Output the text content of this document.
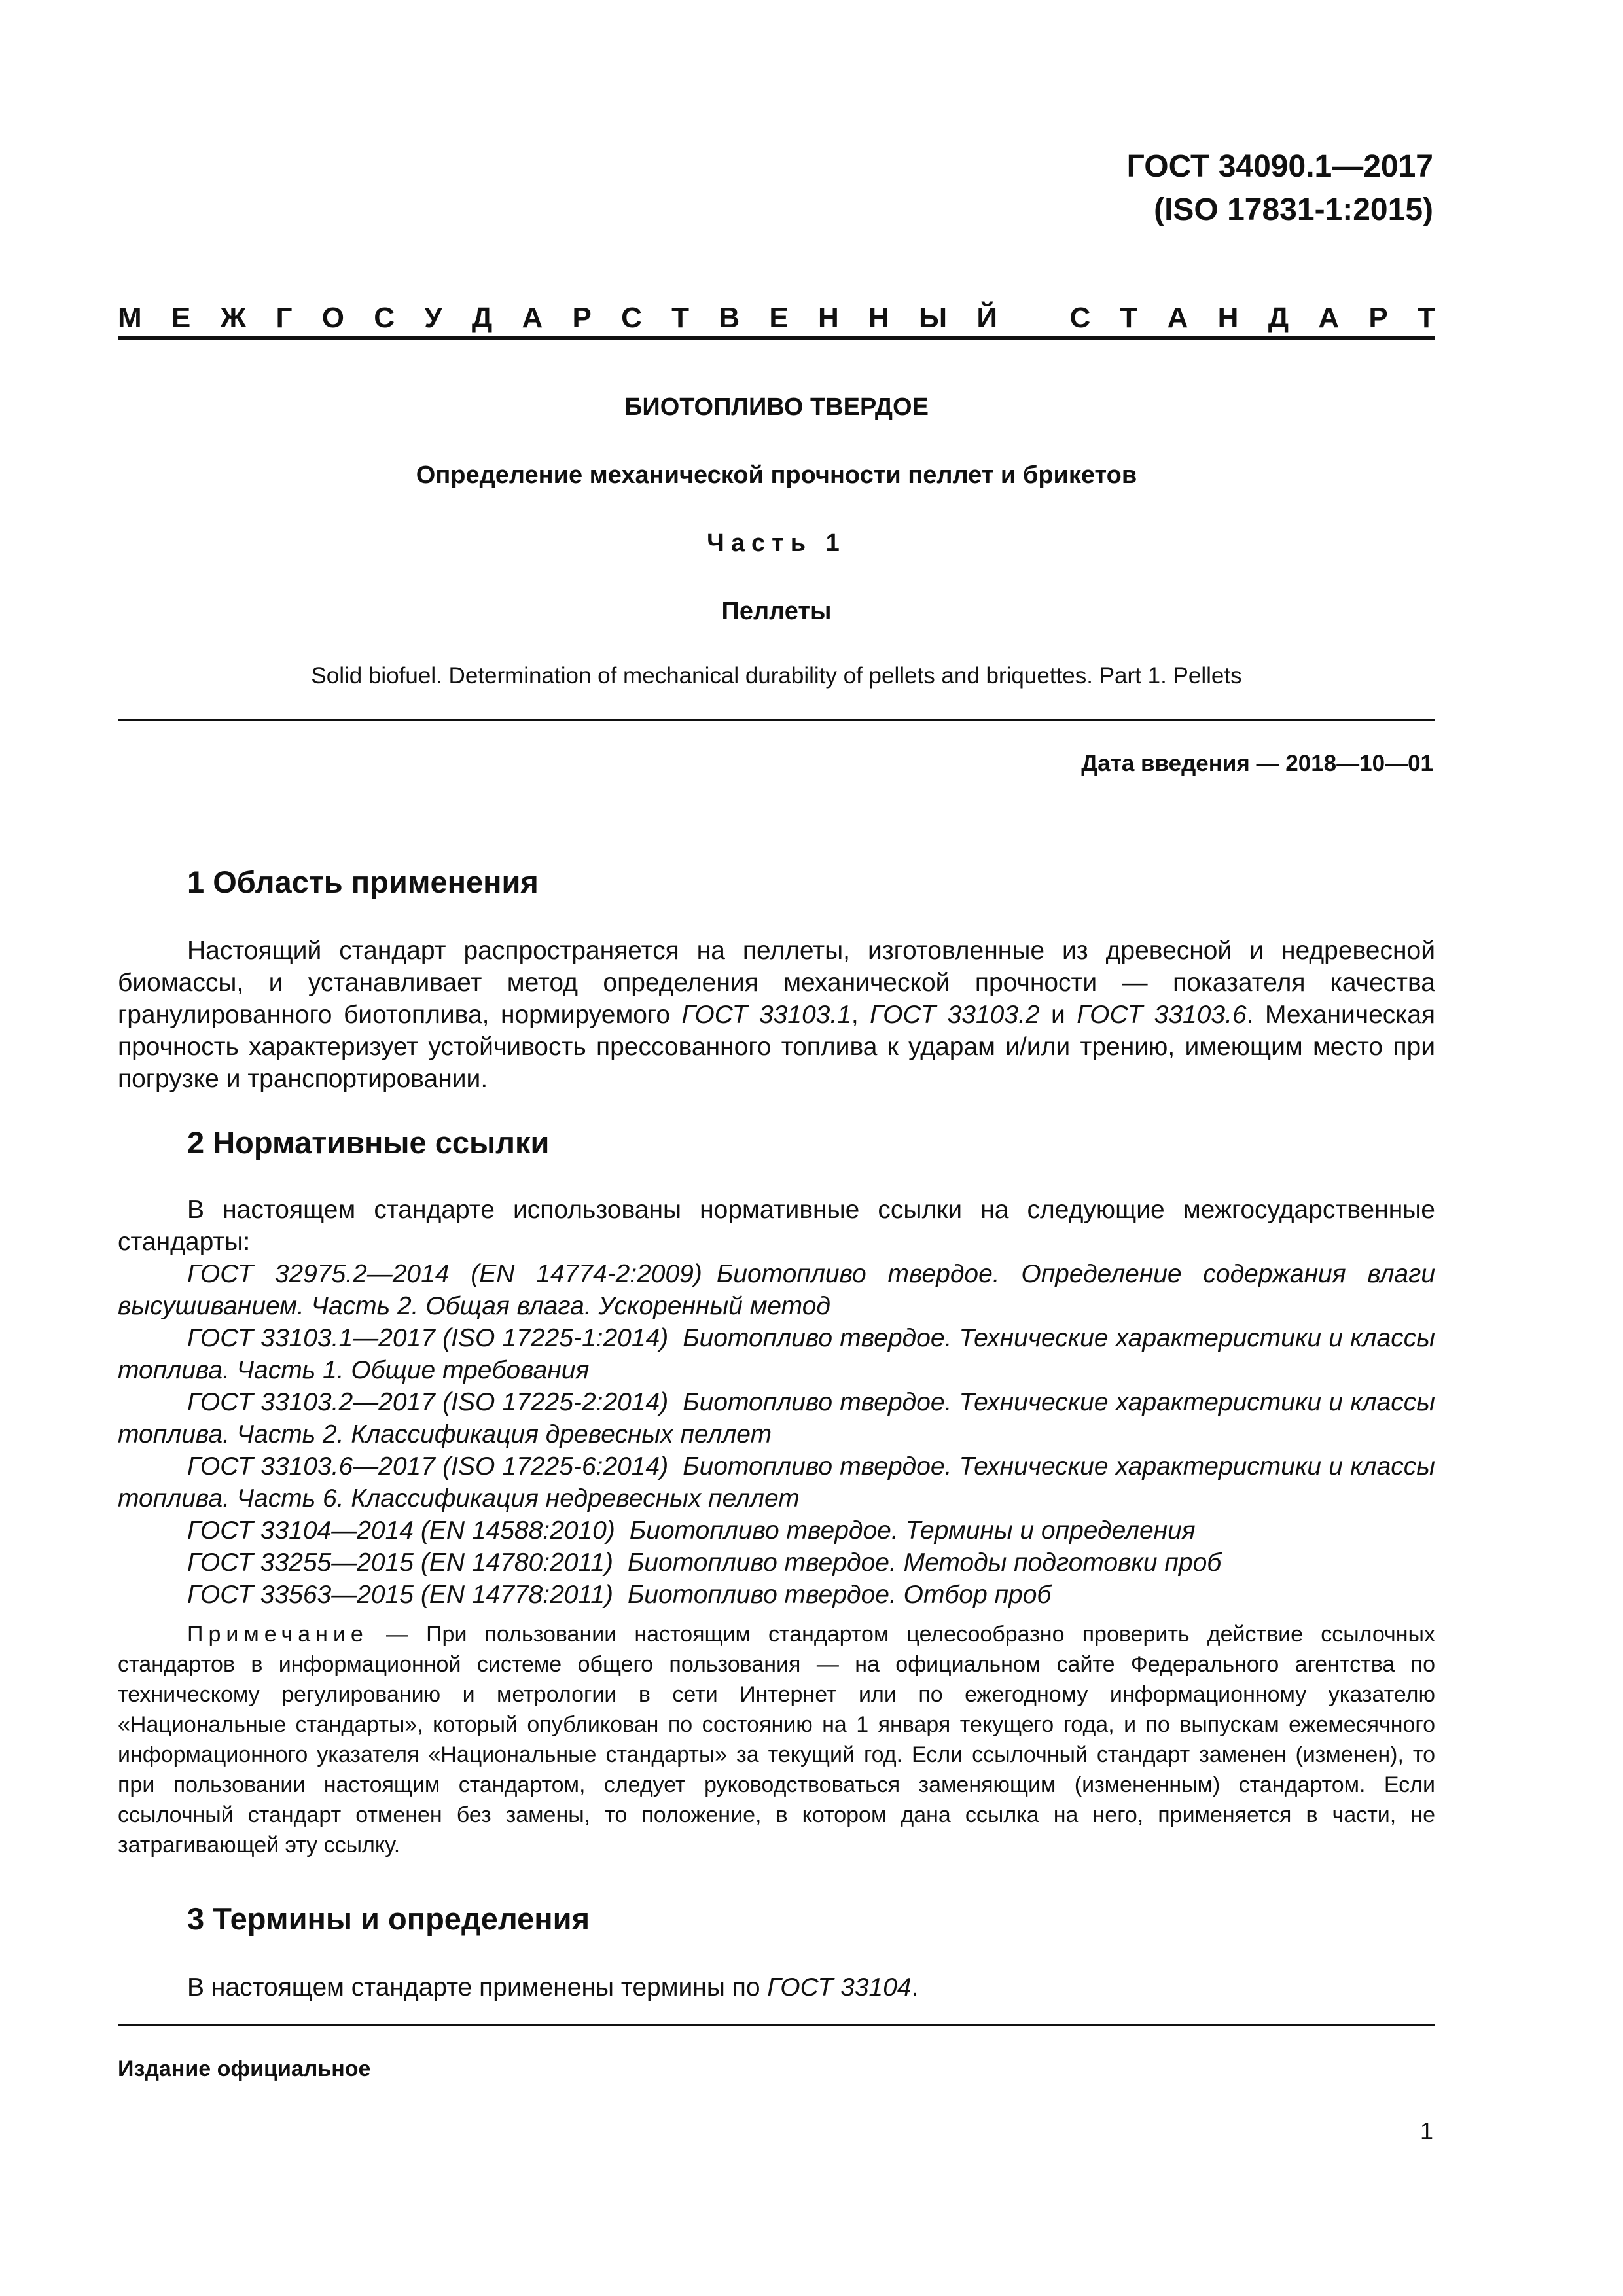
ГОСТ 34090.1—2017
(ISO 17831-1:2015)
М Е Ж Г О С У Д А Р С Т В Е Н Н Ы Й	С Т А Н Д А Р Т
БИОТОПЛИВО ТВЕРДОЕ
Определение механической прочности пеллет и брикетов
Часть 1
Пеллеты
Solid biofuel. Determination of mechanical durability of pellets and briquettes. Part 1. Pellets
Дата введения — 2018—10—01
1 Область применения

Настоящий стандарт распространяется на пеллеты, изготовленные из древесной и недревесной биомассы, и устанавливает метод определения механической прочности — показателя качества гранулированного биотоплива, нормируемого ГОСТ 33103.1, ГОСТ 33103.2 и ГОСТ 33103.6. Механическая прочность характеризует устойчивость прессованного топлива к ударам и/или трению, имеющим место при погрузке и транспортировании.

2 Нормативные ссылки

В настоящем стандарте использованы нормативные ссылки на следующие межгосударственные стандарты:

ГОСТ 32975.2—2014 (EN 14774-2:2009) Биотопливо твердое. Определение содержания влаги высушиванием. Часть 2. Общая влага. Ускоренный метод

ГОСТ 33103.1—2017 (ISO 17225-1:2014) Биотопливо твердое. Технические характеристики и классы топлива. Часть 1. Общие требования

ГОСТ 33103.2—2017 (ISO 17225-2:2014) Биотопливо твердое. Технические характеристики и классы топлива. Часть 2. Классификация древесных пеллет

ГОСТ 33103.6—2017 (ISO 17225-6:2014) Биотопливо твердое. Технические характеристики и классы топлива. Часть 6. Классификация недревесных пеллет

ГОСТ 33104—2014 (EN 14588:2010) Биотопливо твердое. Термины и определения

ГОСТ 33255—2015 (EN 14780:2011) Биотопливо твердое. Методы подготовки проб

ГОСТ 33563—2015 (EN 14778:2011) Биотопливо твердое. Отбор проб

Примечание — При пользовании настоящим стандартом целесообразно проверить действие ссылочных стандартов в информационной системе общего пользования — на официальном сайте Федерального агентства по техническому регулированию и метрологии в сети Интернет или по ежегодному информационному указателю «Национальные стандарты», который опубликован по состоянию на 1 января текущего года, и по выпускам ежемесячного информационного указателя «Национальные стандарты» за текущий год. Если ссылочный стандарт заменен (изменен), то при пользовании настоящим стандартом, следует руководствоваться заменяющим (измененным) стандартом. Если ссылочный стандарт отменен без замены, то положение, в котором дана ссылка на него, применяется в части, не затрагивающей эту ссылку.
3 Термины и определения

В настоящем стандарте применены термины по ГОСТ 33104.

Издание официальное
1
